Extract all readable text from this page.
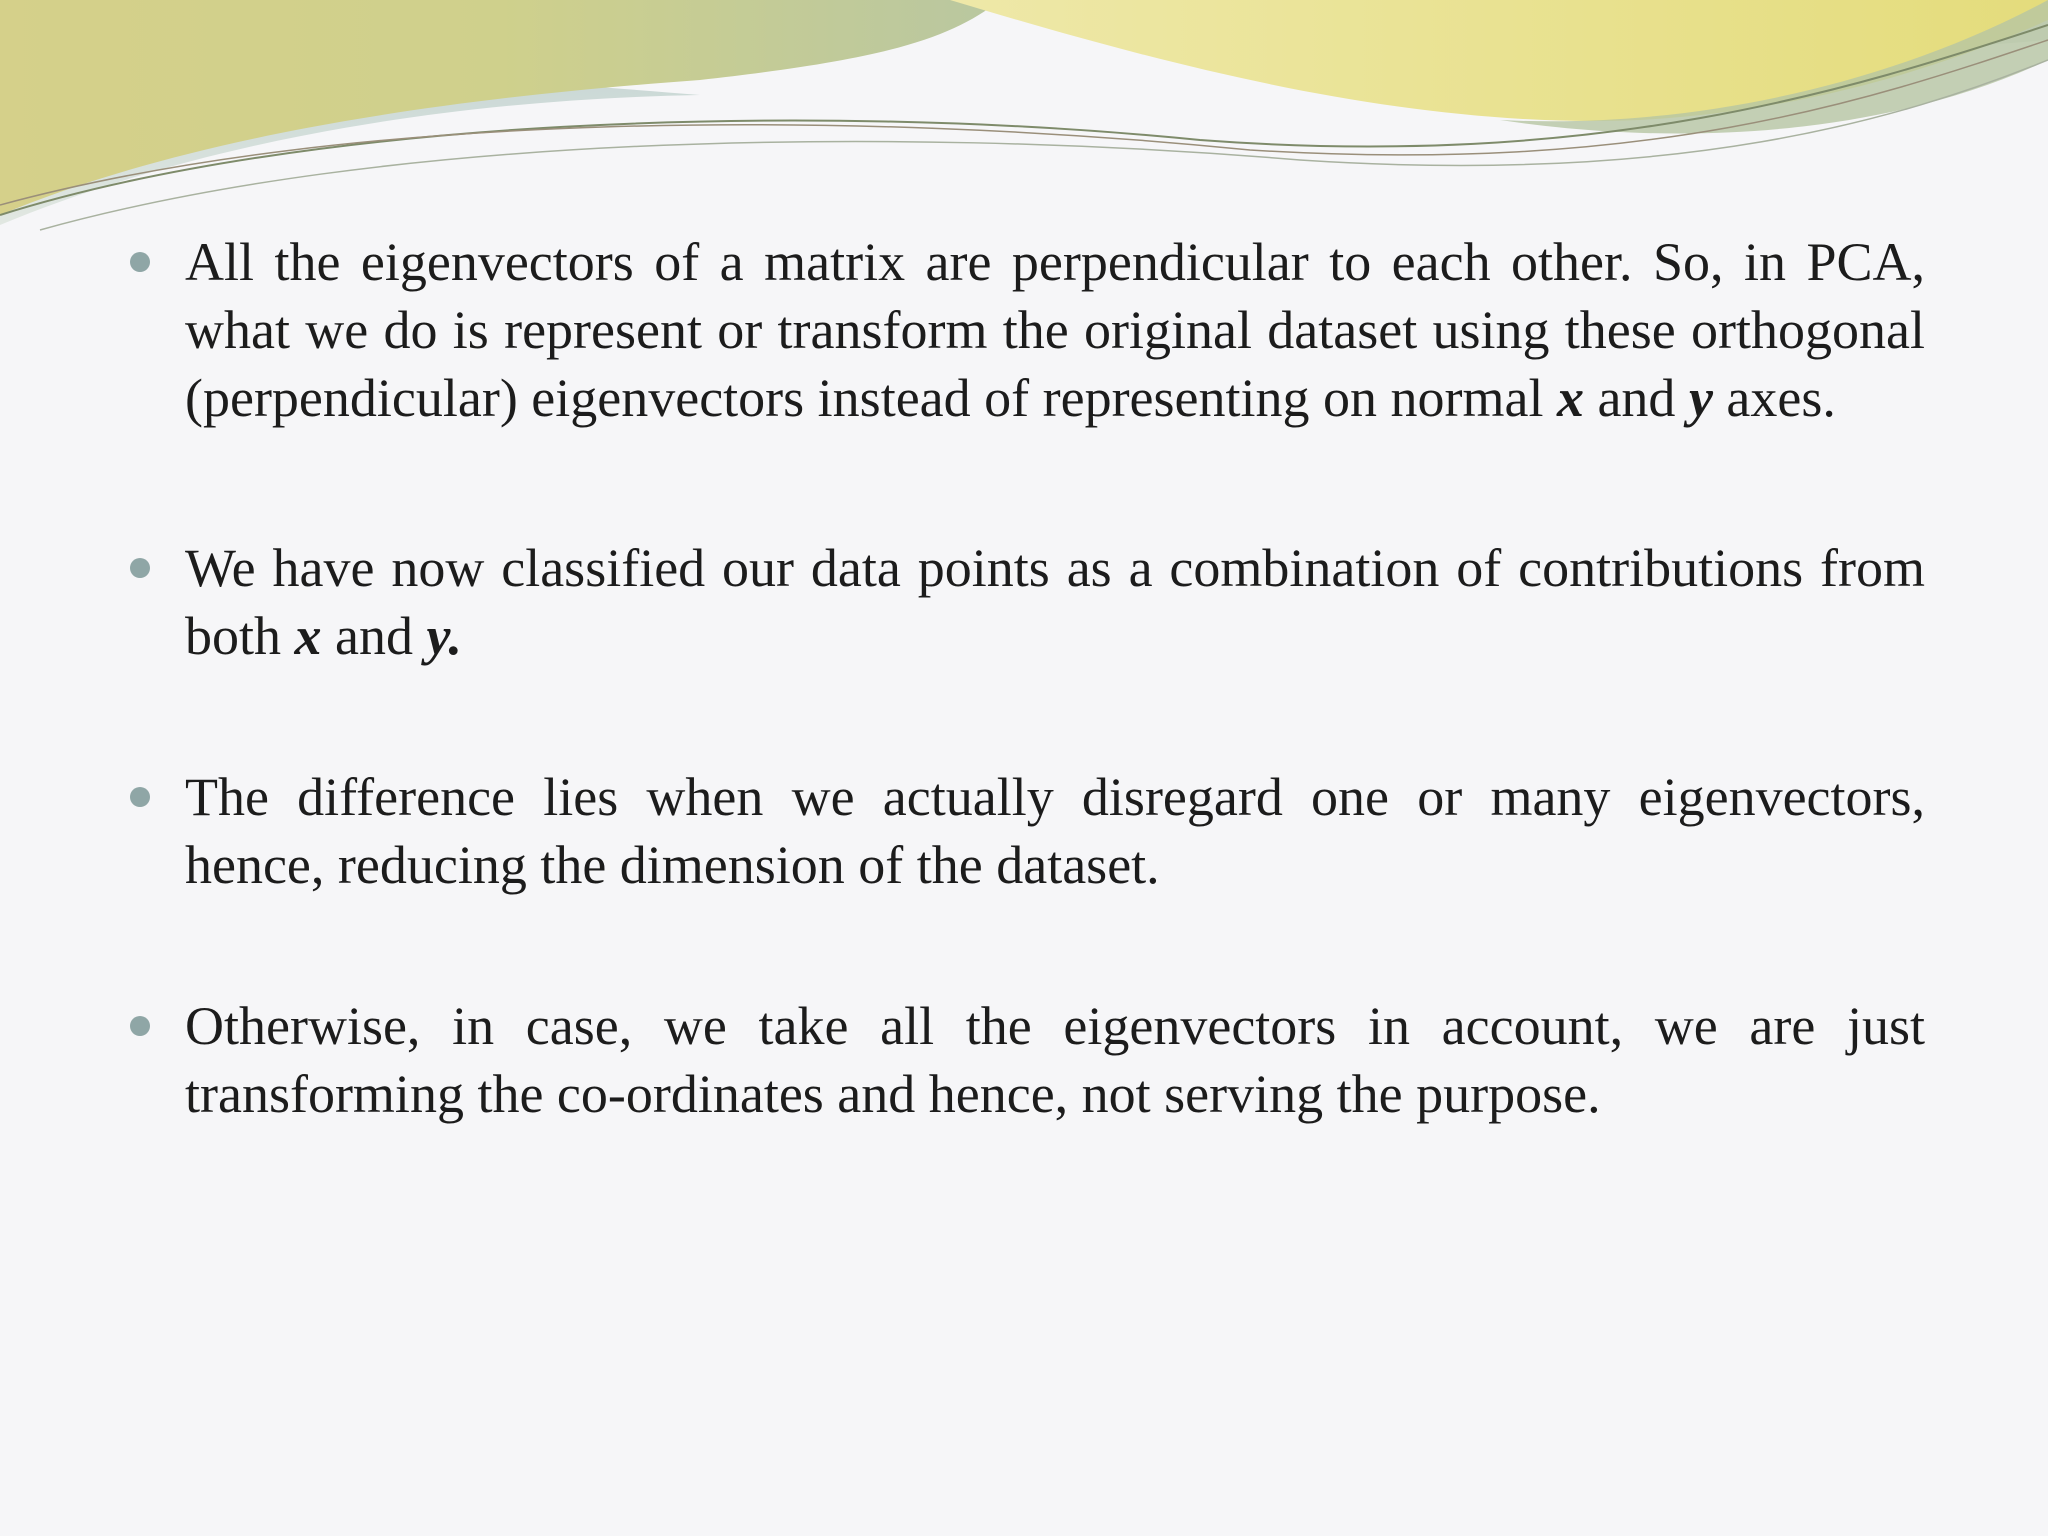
All the eigenvectors of a matrix are perpendicular to each other. So, in PCA, what we do is represent or transform the original dataset using these orthogonal (perpendicular) eigenvectors instead of representing on normal x and y axes.
We have now classified our data points as a combination of contributions from both x and y.
The difference lies when we actually disregard one or many eigenvectors, hence, reducing the dimension of the dataset.
Otherwise, in case, we take all the eigenvectors in account, we are just transforming the co-ordinates and hence, not serving the purpose.
